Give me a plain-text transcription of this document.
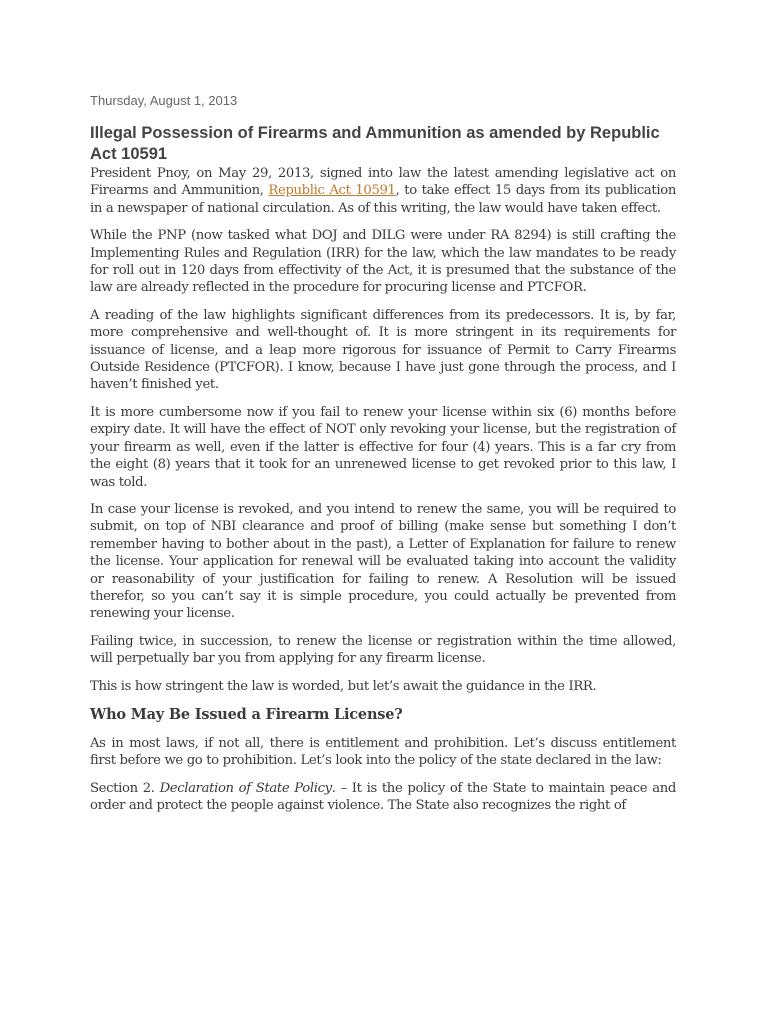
Thursday, August 1, 2013
Illegal Possession of Firearms and Ammunition as amended by Republic Act 10591

President Pnoy, on May 29, 2013, signed into law the latest amending legislative act on Firearms and Ammunition, Republic Act 10591, to take effect 15 days from its publication in a newspaper of national circulation. As of this writing, the law would have taken effect.

While the PNP (now tasked what DOJ and DILG were under RA 8294) is still crafting the Implementing Rules and Regulation (IRR) for the law, which the law mandates to be ready for roll out in 120 days from effectivity of the Act, it is presumed that the substance of the law are already reflected in the procedure for procuring license and PTCFOR.

A reading of the law highlights significant differences from its predecessors. It is, by far, more comprehensive and well-thought of. It is more stringent in its requirements for issuance of license, and a leap more rigorous for issuance of Permit to Carry Firearms Outside Residence (PTCFOR). I know, because I have just gone through the process, and I haven’t finished yet.

It is more cumbersome now if you fail to renew your license within six (6) months before expiry date. It will have the effect of NOT only revoking your license, but the registration of your firearm as well, even if the latter is effective for four (4) years. This is a far cry from the eight (8) years that it took for an unrenewed license to get revoked prior to this law, I was told.

In case your license is revoked, and you intend to renew the same, you will be required to submit, on top of NBI clearance and proof of billing (make sense but something I don’t remember having to bother about in the past), a Letter of Explanation for failure to renew the license. Your application for renewal will be evaluated taking into account the validity or reasonability of your justification for failing to renew. A Resolution will be issued therefor, so you can’t say it is simple procedure, you could actually be prevented from renewing your license.

Failing twice, in succession, to renew the license or registration within the time allowed, will perpetually bar you from applying for any firearm license.

This is how stringent the law is worded, but let’s await the guidance in the IRR.

Who May Be Issued a Firearm License?

As in most laws, if not all, there is entitlement and prohibition. Let’s discuss entitlement first before we go to prohibition. Let’s look into the policy of the state declared in the law:

Section 2. Declaration of State Policy. – It is the policy of the State to maintain peace and order and protect the people against violence. The State also recognizes the right of
